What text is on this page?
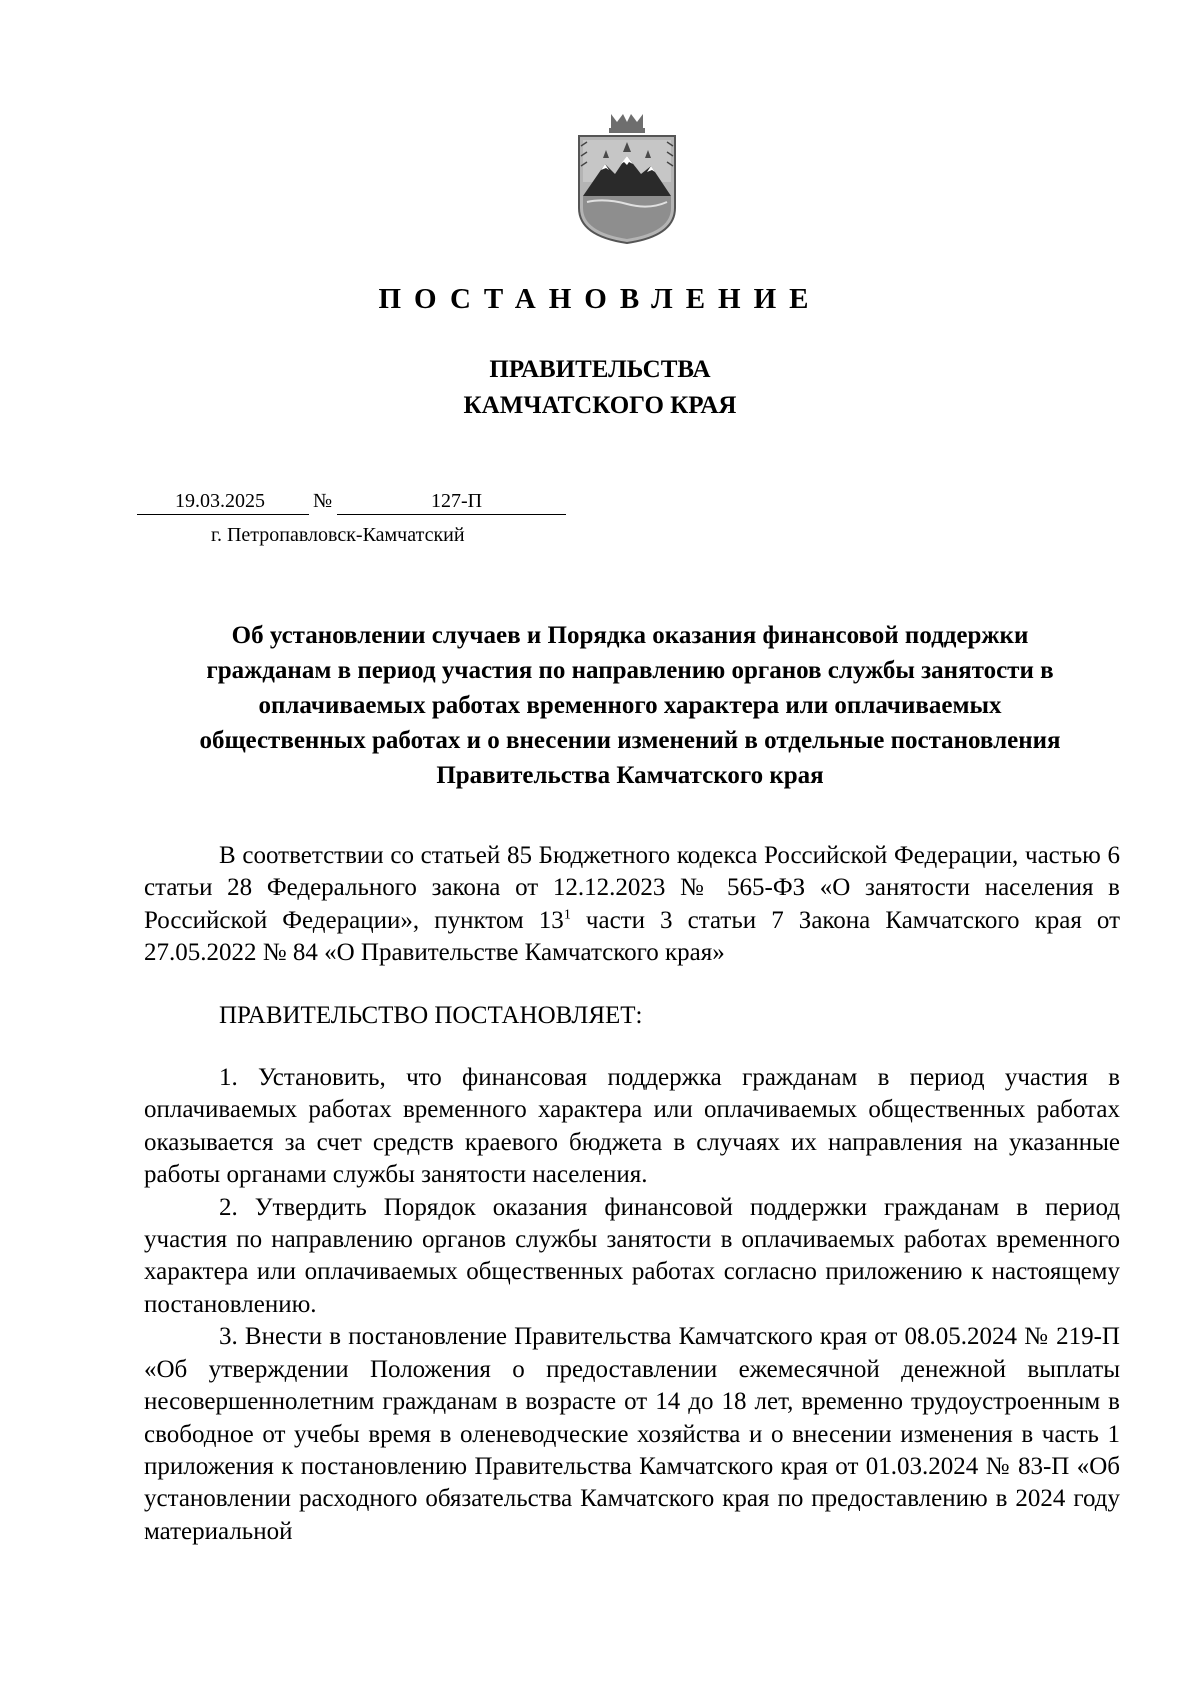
ПОСТАНОВЛЕНИЕ
ПРАВИТЕЛЬСТВА
КАМЧАТСКОГО КРАЯ
19.03.2025 №	127-П
г. Петропавловск-Камчатский
Об установлении случаев и Порядка оказания финансовой поддержки
гражданам в период участия по направлению органов службы занятости в
оплачиваемых работах временного характера или оплачиваемых
общественных работах и о внесении изменений в отдельные постановления
Правительства Камчатского края

В соответствии со статьей 85 Бюджетного кодекса Российской Федерации, частью 6 статьи 28 Федерального закона от 12.12.2023 № 565-ФЗ «О занятости населения в Российской Федерации», пунктом $13^1$ части 3 статьи 7 Закона Камчатского края от 27.05.2022 № 84 «О Правительстве Камчатского края»

ПРАВИТЕЛЬСТВО ПОСТАНОВЛЯЕТ:

1. Установить, что финансовая поддержка гражданам в период участия в оплачиваемых работах временного характера или оплачиваемых общественных работах оказывается за счет средств краевого бюджета в случаях их направления на указанные работы органами службы занятости населения.

2. Утвердить Порядок оказания финансовой поддержки гражданам в период участия по направлению органов службы занятости в оплачиваемых работах временного характера или оплачиваемых общественных работах согласно приложению к настоящему постановлению.

3. Внести в постановление Правительства Камчатского края от 08.05.2024 № 219-П «Об утверждении Положения о предоставлении ежемесячной денежной выплаты несовершеннолетним гражданам в возрасте от 14 до 18 лет, временно трудоустроенным в свободное от учебы время в оленеводческие хозяйства и о внесении изменения в часть 1 приложения к постановлению Правительства Камчатского края от 01.03.2024 № 83-П «Об установлении расходного обязательства Камчатского края по предоставлению в 2024 году материальной
